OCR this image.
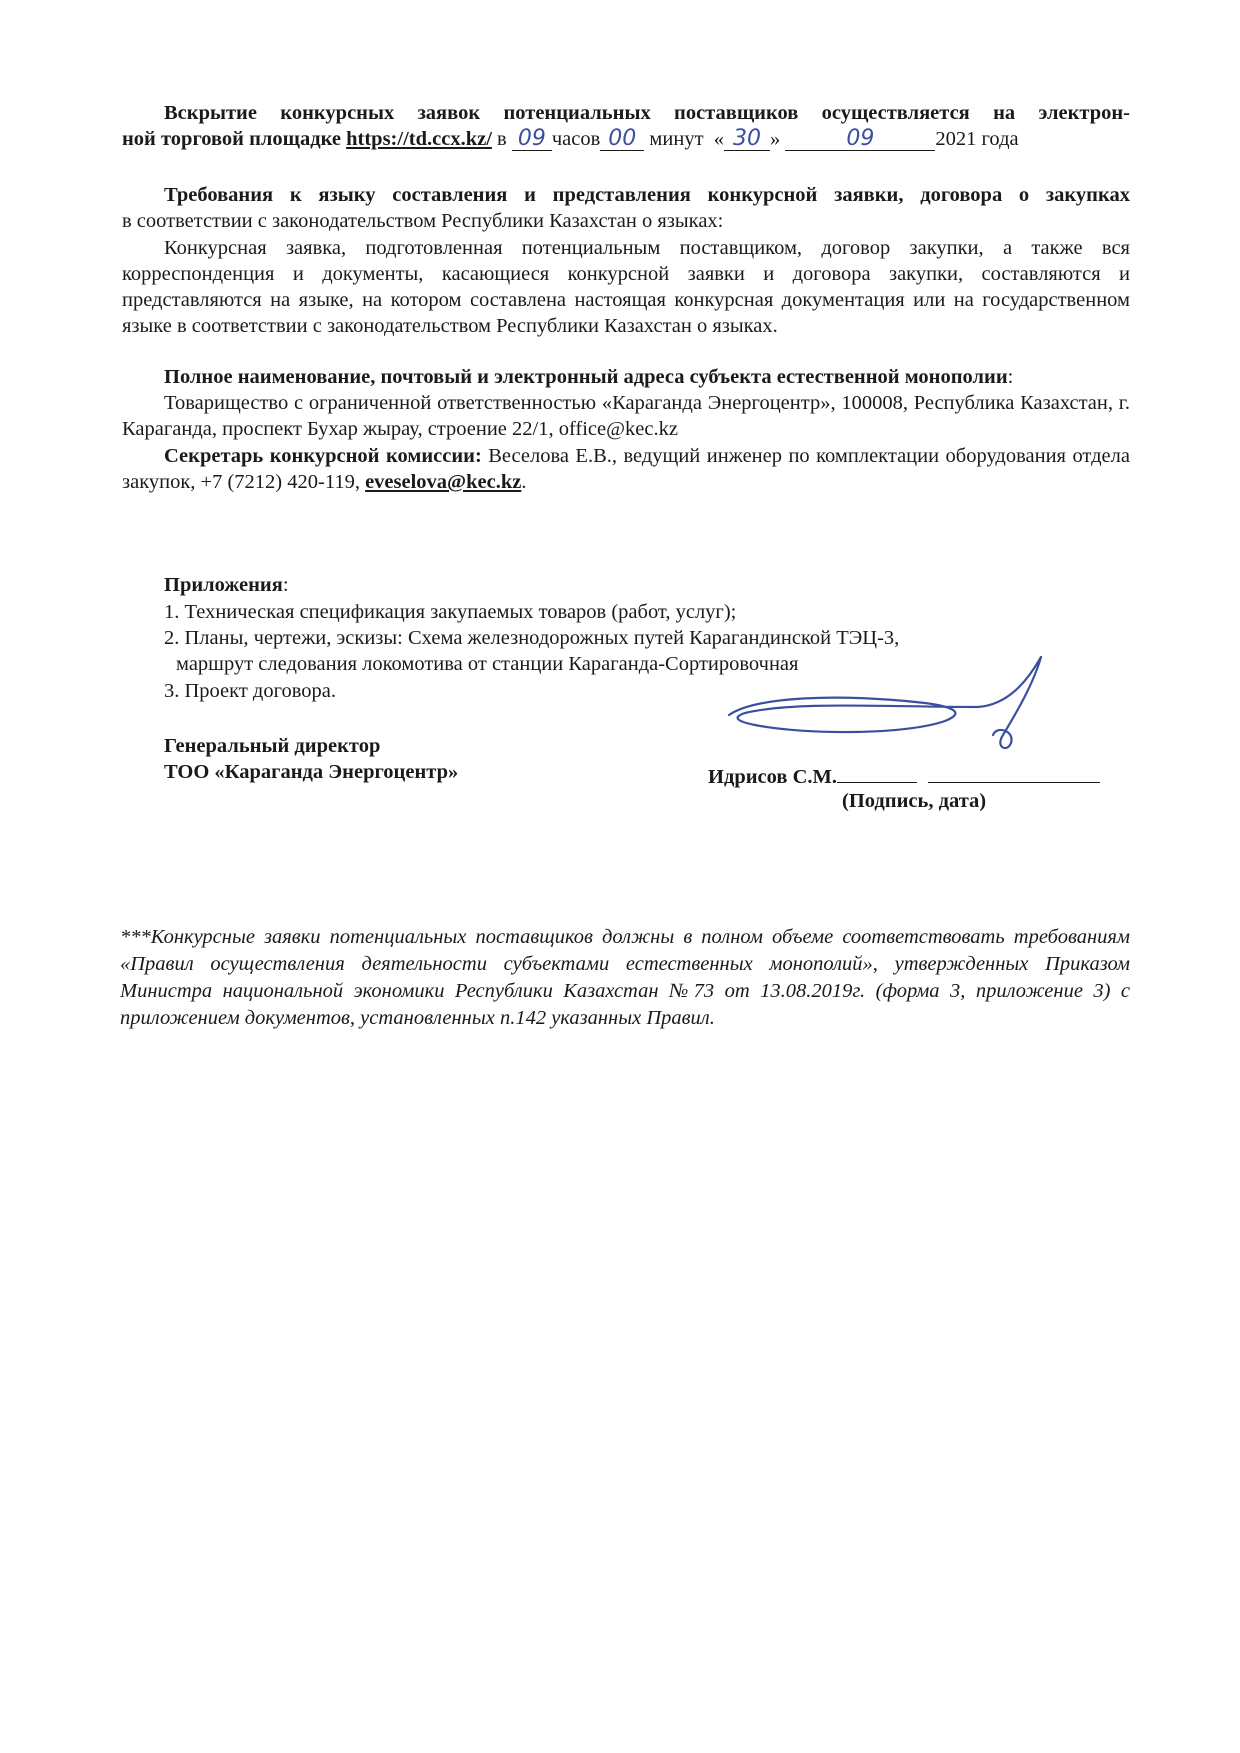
Вскрытие конкурсных заявок потенциальных поставщиков осуществляется на электрон-
ной торговой площадке https://td.ccx.kz/ в 09 часов 00 минут « 30 »	09	2021 года
Требования к языку составления и представления конкурсной заявки, договора о закупках
в соответствии с законодательством Республики Казахстан о языках:
Конкурсная заявка, подготовленная потенциальным поставщиком, договор закупки, а также вся корреспонденция и документы, касающиеся конкурсной заявки и договора закупки, составляются и представляются на языке, на котором составлена настоящая конкурсная документация или на государственном языке в соответствии с законодательством Республики Казахстан о языках.
Полное наименование, почтовый и электронный адреса субъекта естественной монополии:
Товарищество с ограниченной ответственностью «Караганда Энергоцентр», 100008, Республика Казахстан, г. Караганда, проспект Бухар жырау, строение 22/1, office@kec.kz
Секретарь конкурсной комиссии: Веселова Е.В., ведущий инженер по комплектации оборудования отдела закупок, +7 (7212) 420-119, eveselova@kec.kz.
Приложения:
1. Техническая спецификация закупаемых товаров (работ, услуг);
2. Планы, чертежи, эскизы: Схема железнодорожных путей Карагандинской ТЭЦ-3,
маршрут следования локомотива от станции Караганда-Сортировочная
3. Проект договора.
Генеральный директор
ТОО «Караганда Энергоцентр»	Идрисов С.М.
(Подпись, дата)
***Конкурсные заявки потенциальных поставщиков должны в полном объеме соответствовать требованиям «Правил осуществления деятельности субъектами естественных монополий», утвержденных Приказом Министра национальной экономики Республики Казахстан №73 от 13.08.2019г. (форма 3, приложение 3) с приложением документов, установленных п.142 указанных Правил.
